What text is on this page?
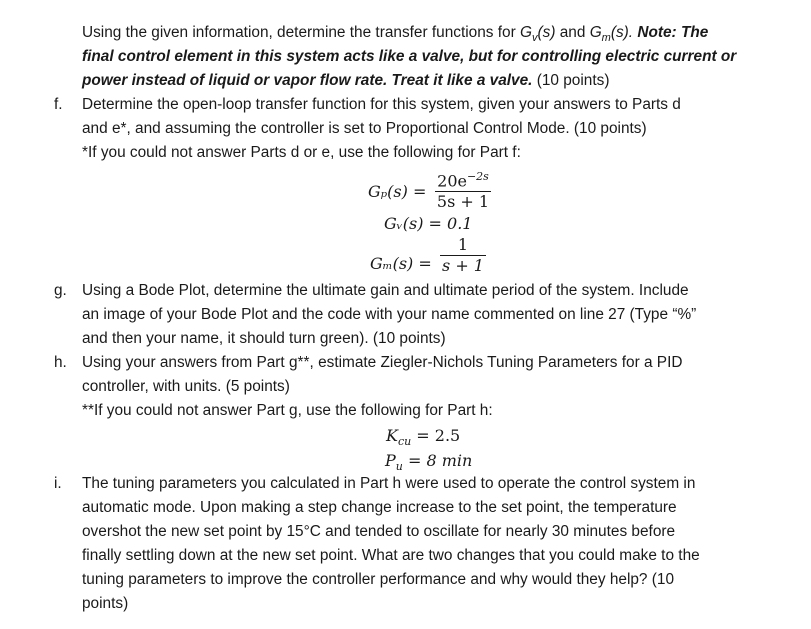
Using the given information, determine the transfer functions for $G_v(s)$ and $G_m(s)$. Note: The
final control element in this system acts like a valve, but for controlling electric current or
power instead of liquid or vapor flow rate. Treat it like a valve. (10 points)
f. Determine the open-loop transfer function for this system, given your answers to Parts d
and e*, and assuming the controller is set to Proportional Control Mode. (10 points)
*If you could not answer Parts d or e, use the following for Part f:
Gₚ(s) =
$20e^{-2s}$
5s + 1
Gᵥ(s) = 0.1
Gₘ(s) =
1
s + 1
g. Using a Bode Plot, determine the ultimate gain and ultimate period of the system. Include
an image of your Bode Plot and the code with your name commented on line 27 (Type “%”
and then your name, it should turn green). (10 points)
h. Using your answers from Part g**, estimate Ziegler-Nichols Tuning Parameters for a PID
controller, with units. (5 points)
**If you could not answer Part g, use the following for Part h:
$K_{cu} = 2.5$
$P_u = 8$ min
i. The tuning parameters you calculated in Part h were used to operate the control system in
automatic mode. Upon making a step change increase to the set point, the temperature
overshot the new set point by 15°C and tended to oscillate for nearly 30 minutes before
finally settling down at the new set point. What are two changes that you could make to the
tuning parameters to improve the controller performance and why would they help? (10
points)
